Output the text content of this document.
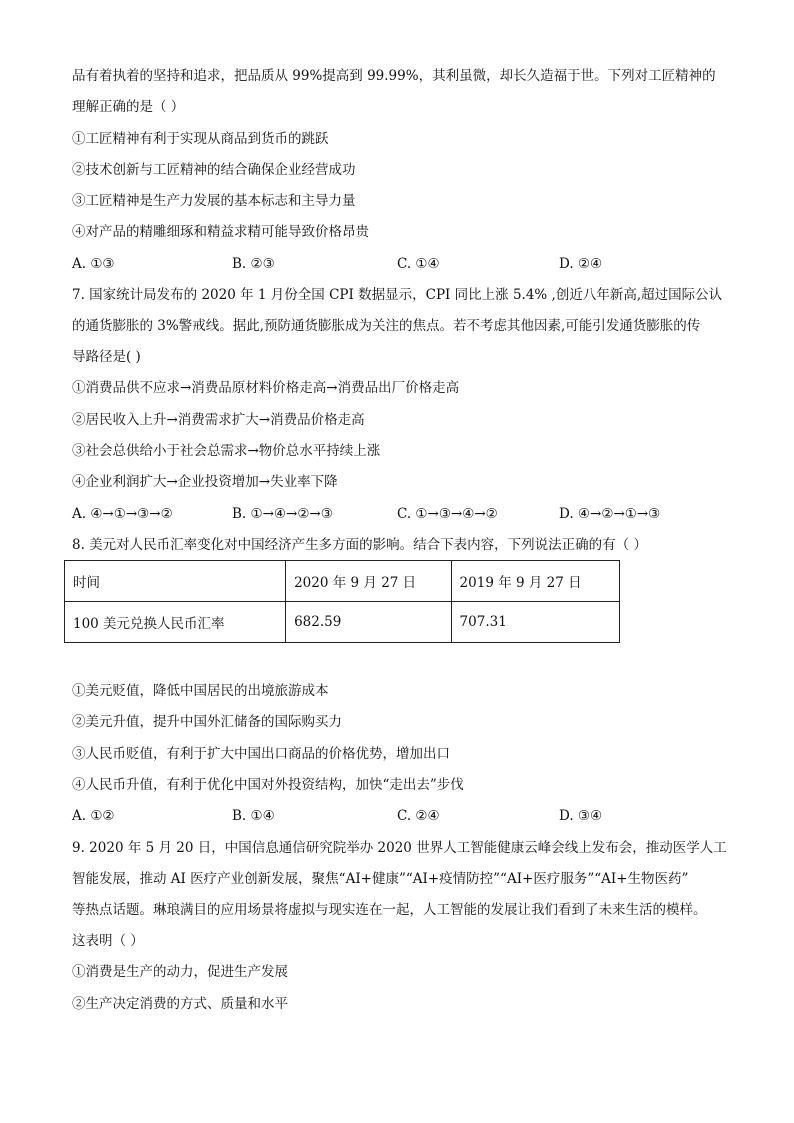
品有着执着的坚持和追求，把品质从 99%提高到 99.99%，其利虽微，却长久造福于世。下列对工匠精神的
理解正确的是（ ）
①工匠精神有利于实现从商品到货币的跳跃
②技术创新与工匠精神的结合确保企业经营成功
③工匠精神是生产力发展的基本标志和主导力量
④对产品的精雕细琢和精益求精可能导致价格昂贵
A. ①③	B. ②③	C. ①④	D. ②④
7. 国家统计局发布的 2020 年 1 月份全国 CPI 数据显示，CPI 同比上涨 5.4% ,创近八年新高,超过国际公认
的通货膨胀的 3%警戒线。据此,预防通货膨胀成为关注的焦点。若不考虑其他因素,可能引发通货膨胀的传
导路径是( )
①消费品供不应求→消费品原材料价格走高→消费品出厂价格走高
②居民收入上升→消费需求扩大→消费品价格走高
③社会总供给小于社会总需求→物价总水平持续上涨
④企业利润扩大→企业投资增加→失业率下降
A. ④→①→③→②	B. ①→④→②→③	C. ①→③→④→②	D. ④→②→①→③
8. 美元对人民币汇率变化对中国经济产生多方面的影响。结合下表内容，下列说法正确的有（ ）
时间	2020 年 9 月 27 日	2019 年 9 月 27 日
100 美元兑换人民币汇率	682.59	707.31
①美元贬值，降低中国居民的出境旅游成本
②美元升值，提升中国外汇储备的国际购买力
③人民币贬值，有利于扩大中国出口商品的价格优势，增加出口
④人民币升值，有利于优化中国对外投资结构，加快“走出去”步伐
A. ①②	B. ①④	C. ②④	D. ③④
9. 2020 年 5 月 20 日，中国信息通信研究院举办 2020 世界人工智能健康云峰会线上发布会，推动医学人工
智能发展，推动 AI 医疗产业创新发展，聚焦“AI+健康”“AI+疫情防控”“AI+医疗服务”“AI+生物医药”
等热点话题。琳琅满目的应用场景将虚拟与现实连在一起，人工智能的发展让我们看到了未来生活的模样。
这表明（ ）
①消费是生产的动力，促进生产发展
②生产决定消费的方式、质量和水平
